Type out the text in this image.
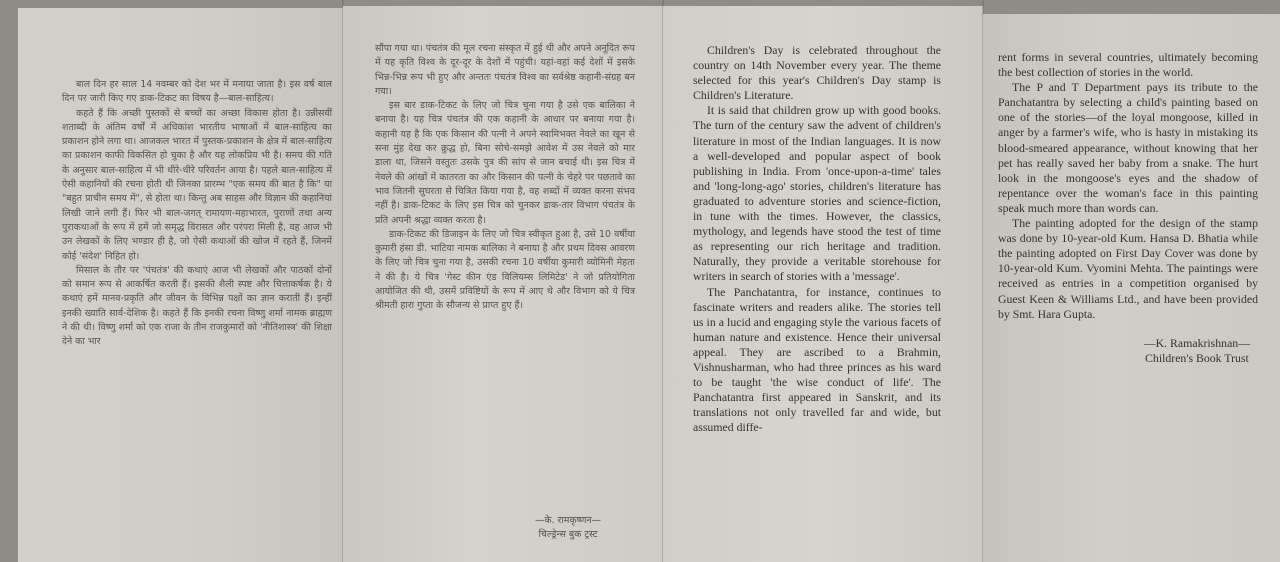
बाल दिन हर साल 14 नवम्बर को देश भर में मनाया जाता है। इस वर्ष बाल दिन पर जारी किए गए डाक-टिकट का विषय है—बाल-साहित्य।

कहते हैं कि अच्छी पुस्तकों से बच्चों का अच्छा विकास होता है। उन्नीसवीं शताब्दी के अंतिम वर्षों में अधिकांश भारतीय भाषाओं में बाल-साहित्य का प्रकाशन होने लगा था। आजकल भारत में पुस्तक-प्रकाशन के क्षेत्र में बाल-साहित्य का प्रकाशन काफी विकसित हो चुका है और यह लोकप्रिय भी है। समय की गति के अनुसार बाल-साहित्य में भी धीरे-धीरे परिवर्तन आया है। पहले बाल-साहित्य में ऐसी कहानियों की रचना होती थी जिनका प्रारम्भ "एक समय की बात है कि" या "बहुत प्राचीन समय में", से होता था। किन्तु अब साहस और विज्ञान की कहानियां लिखी जाने लगी हैं। फिर भी बाल-जगत् रामायण-महाभारत, पुराणों तथा अन्य पुराकथाओं के रूप में हमें जो समृद्ध विरासत और परंपरा मिली है, वह आज भी उन लेखकों के लिए भण्डार ही है, जो ऐसी कथाओं की खोज में रहते हैं, जिनमें कोई 'संदेश' निहित हो।

मिसाल के तौर पर 'पंचतंत्र' की कथाएं आज भी लेखकों और पाठकों दोनों को समान रूप से आकर्षित करती हैं। इसकी शैली स्पष्ट और चित्ताकर्षक है। ये कथाएं हमें मानव-प्रकृति और जीवन के विभिन्न पक्षों का ज्ञान कराती हैं। इन्हीं इनकी ख्याति सार्व-देशिक है। कहते हैं कि इनकी रचना विष्णु शर्मा नामक ब्राह्मण ने की थी। विष्णु शर्मा को एक राजा के तीन राजकुमारों को 'नीतिशास्त्र' की शिक्षा देने का भार

सौंपा गया था। पंचतंत्र की मूल रचना संस्कृत में हुई थी और अपने अनूदित रूप में यह कृति विश्व के दूर-दूर के देशों में पहुंची। यहां-वहां कई देशों में इसके भिन्न-भिन्न रूप भी हुए और अन्ततः पंचतंत्र विश्व का सर्वश्रेष्ठ कहानी-संग्रह बन गया।

इस बार डाक-टिकट के लिए जो चित्र चुना गया है उसे एक बालिका ने बनाया है। यह चित्र पंचतंत्र की एक कहानी के आधार पर बनाया गया है। कहानी यह है कि एक किसान की पत्नी ने अपने स्वामिभक्त नेवले का खून से सना मुंह देख कर क्रुद्ध हो, बिना सोचे-समझे आवेश में उस नेवले को मार डाला था, जिसने वस्तुतः उसके पुत्र की सांप से जान बचाई थी। इस चित्र में नेवले की आंखों में कातरता का और किसान की पत्नी के चेहरे पर पछतावे का भाव जितनी सुघरता से चित्रित किया गया है, वह शब्दों में व्यक्त करना संभव नहीं है। डाक-टिकट के लिए इस चित्र को चुनकर डाक-तार विभाग पंचतंत्र के प्रति अपनी श्रद्धा व्यक्त करता है।

डाक-टिकट की डिजाइन के लिए जो चित्र स्वीकृत हुआ है, उसे 10 वर्षीया कुमारी हंसा डी. भाटिया नामक बालिका ने बनाया है और प्रथम दिवस आवरण के लिए जो चित्र चुना गया है, उसकी रचना 10 वर्षीया कुमारी व्योमिनी मेहता ने की है। ये चित्र 'गेस्ट कीन एंड विलियम्स लिमिटेड' ने जो प्रतियोगिता आयोजित की थी, उसमें प्रविष्टियों के रूप में आए थे और विभाग को ये चित्र श्रीमती हारा गुप्ता के सौजन्य से प्राप्त हुए हैं।

—के. रामकृष्णन—
चिल्ड्रेन्स बुक ट्रस्ट

Children's Day is celebrated throughout the country on 14th November every year. The theme selected for this year's Children's Day stamp is Children's Literature.

It is said that children grow up with good books. The turn of the century saw the advent of children's literature in most of the Indian languages. It is now a well-developed and popular aspect of book publishing in India. From 'once-upon-a-time' tales and 'long-long-ago' stories, children's literature has graduated to adventure stories and science-fiction, in tune with the times. However, the classics, mythology, and legends have stood the test of time as representing our rich heritage and tradition. Naturally, they provide a veritable storehouse for writers in search of stories with a 'message'.

The Panchatantra, for instance, continues to fascinate writers and readers alike. The stories tell us in a lucid and engaging style the various facets of human nature and existence. Hence their universal appeal. They are ascribed to a Brahmin, Vishnusharman, who had three princes as his ward to be taught 'the wise conduct of life'. The Panchatantra first appeared in Sanskrit, and its translations not only travelled far and wide, but assumed diffe-

rent forms in several countries, ultimately becoming the best collection of stories in the world.

The P and T Department pays its tribute to the Panchatantra by selecting a child's painting based on one of the stories—of the loyal mongoose, killed in anger by a farmer's wife, who is hasty in mistaking its blood-smeared appearance, without knowing that her pet has really saved her baby from a snake. The hurt look in the mongoose's eyes and the shadow of repentance over the woman's face in this painting speak much more than words can.

The painting adopted for the design of the stamp was done by 10-year-old Kum. Hansa D. Bhatia while the painting adopted on First Day Cover was done by 10-year-old Kum. Vyomini Mehta. The paintings were received as entries in a competition organised by Guest Keen & Williams Ltd., and have been provided by Smt. Hara Gupta.

—K. Ramakrishnan—
Children's Book Trust
